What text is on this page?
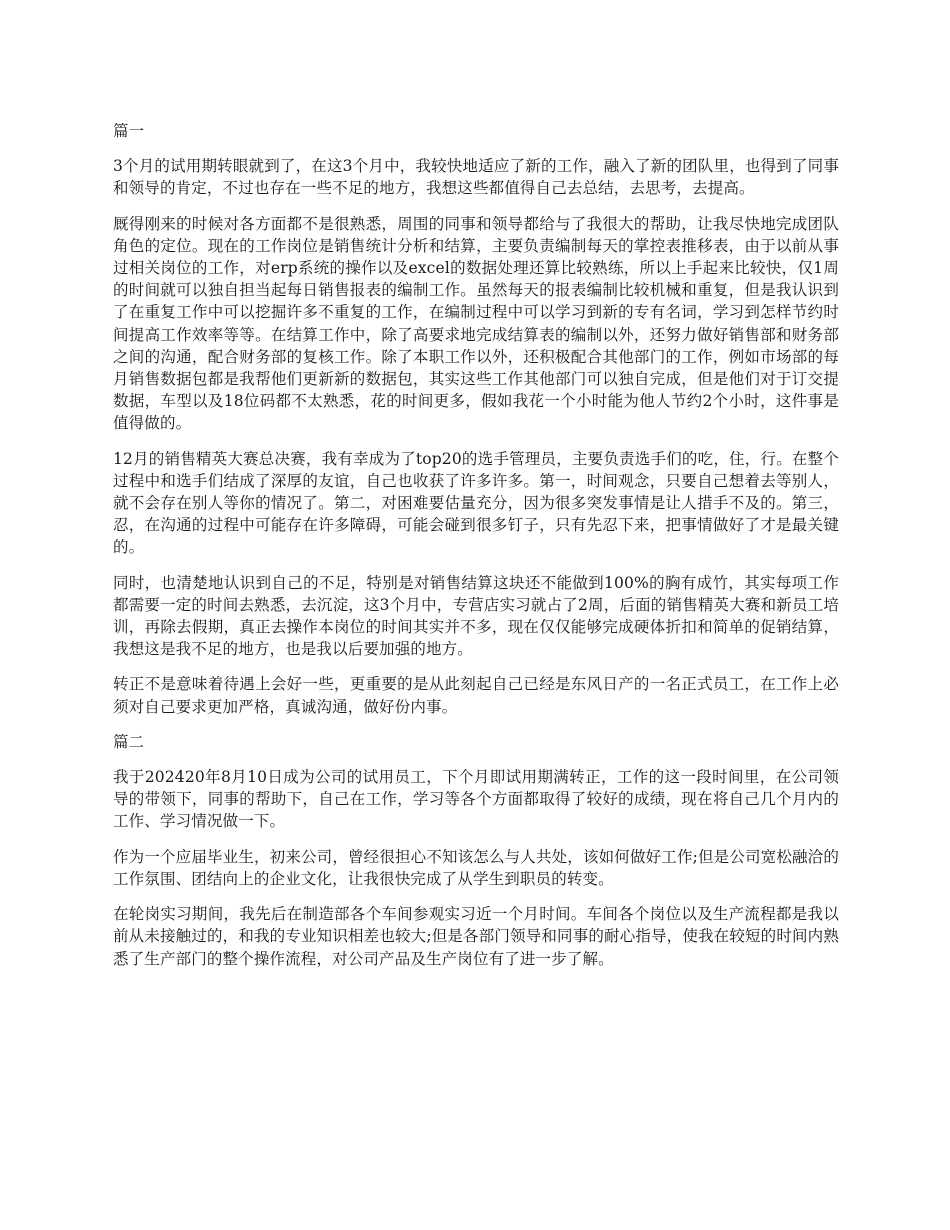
篇一

3个月的试用期转眼就到了，在这3个月中，我较快地适应了新的工作，融入了新的团队里，也得到了同事和领导的肯定，不过也存在一些不足的地方，我想这些都值得自己去总结，去思考，去提高。

厩得刚来的时候对各方面都不是很熟悉，周围的同事和领导都给与了我很大的帮助，让我尽快地完成团队角色的定位。现在的工作岗位是销售统计分析和结算，主要负责编制每天的掌控表推移表，由于以前从事过相关岗位的工作，对erp系统的操作以及excel的数据处理还算比较熟练，所以上手起来比较快，仅1周的时间就可以独自担当起每日销售报表的编制工作。虽然每天的报表编制比较机械和重复，但是我认识到了在重复工作中可以挖掘许多不重复的工作，在编制过程中可以学习到新的专有名词，学习到怎样节约时间提高工作效率等等。在结算工作中，除了高要求地完成结算表的编制以外，还努力做好销售部和财务部之间的沟通，配合财务部的复核工作。除了本职工作以外，还积极配合其他部门的工作，例如市场部的每月销售数据包都是我帮他们更新新的数据包，其实这些工作其他部门可以独自完成，但是他们对于订交提数据，车型以及18位码都不太熟悉，花的时间更多，假如我花一个小时能为他人节约2个小时，这件事是值得做的。

12月的销售精英大赛总决赛，我有幸成为了top20的选手管理员，主要负责选手们的吃，住，行。在整个过程中和选手们结成了深厚的友谊，自己也收获了许多许多。第一，时间观念，只要自己想着去等别人，就不会存在别人等你的情况了。第二，对困难要估量充分，因为很多突发事情是让人措手不及的。第三，忍，在沟通的过程中可能存在许多障碍，可能会碰到很多钉子，只有先忍下来，把事情做好了才是最关键的。

同时，也清楚地认识到自己的不足，特别是对销售结算这块还不能做到100%的胸有成竹，其实每项工作都需要一定的时间去熟悉，去沉淀，这3个月中，专营店实习就占了2周，后面的销售精英大赛和新员工培训，再除去假期，真正去操作本岗位的时间其实并不多，现在仅仅能够完成硬体折扣和简单的促销结算，我想这是我不足的地方，也是我以后要加强的地方。

转正不是意味着待遇上会好一些，更重要的是从此刻起自己已经是东风日产的一名正式员工，在工作上必须对自己要求更加严格，真诚沟通，做好份内事。

篇二

我于202420年8月10日成为公司的试用员工，下个月即试用期满转正，工作的这一段时间里，在公司领导的带领下，同事的帮助下，自己在工作，学习等各个方面都取得了较好的成绩，现在将自己几个月内的工作、学习情况做一下。

作为一个应届毕业生，初来公司，曾经很担心不知该怎么与人共处，该如何做好工作;但是公司宽松融洽的工作氛围、团结向上的企业文化，让我很快完成了从学生到职员的转变。

在轮岗实习期间，我先后在制造部各个车间参观实习近一个月时间。车间各个岗位以及生产流程都是我以前从未接触过的，和我的专业知识相差也较大;但是各部门领导和同事的耐心指导，使我在较短的时间内熟悉了生产部门的整个操作流程，对公司产品及生产岗位有了进一步了解。
